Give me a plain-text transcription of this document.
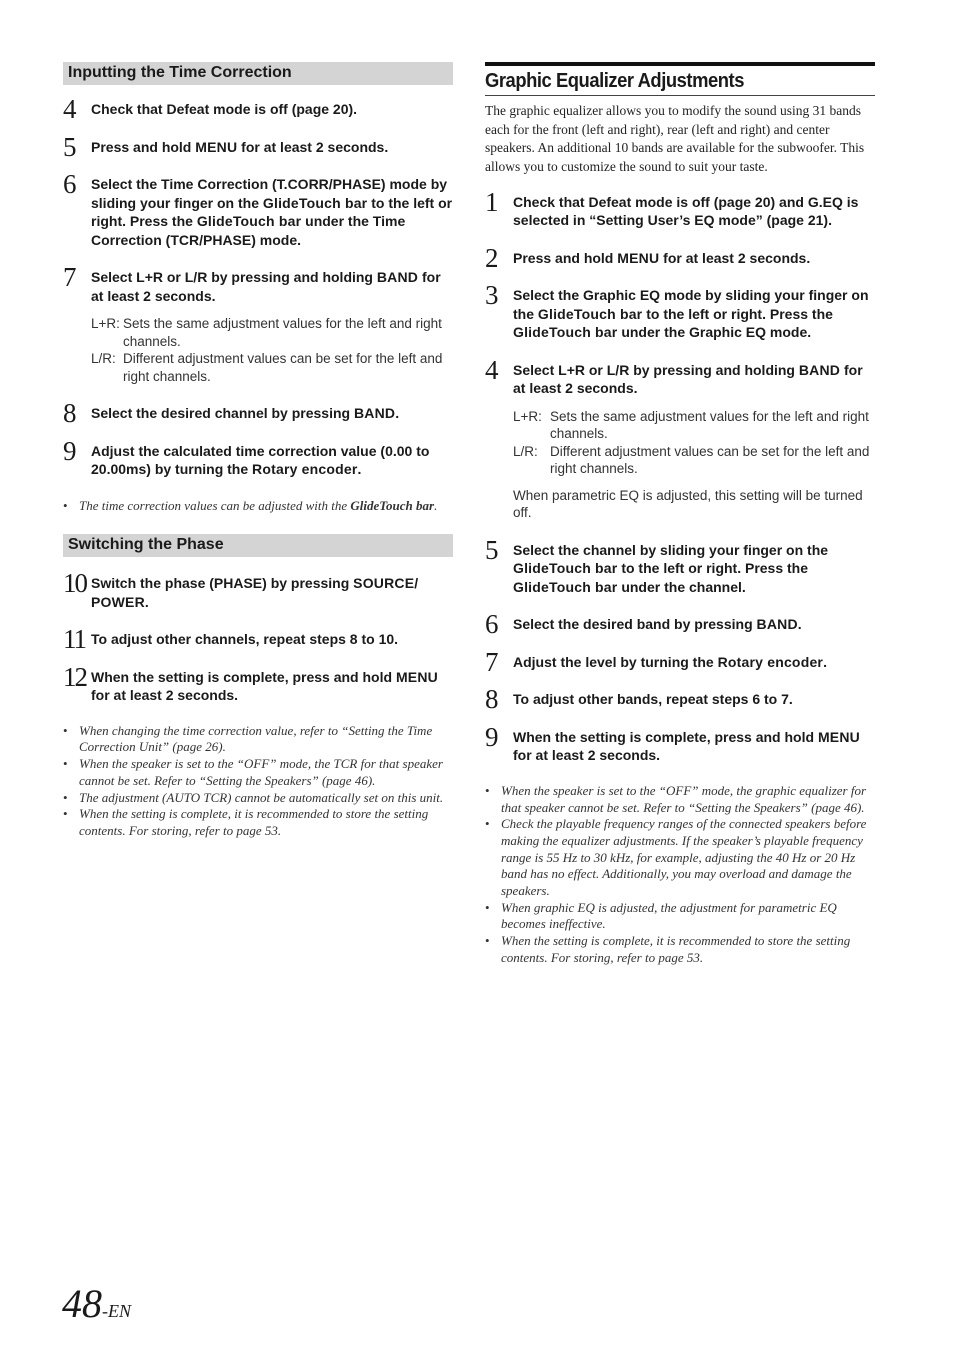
Inputting the Time Correction
4 Check that Defeat mode is off (page 20).
5 Press and hold MENU for at least 2 seconds.
6 Select the Time Correction (T.CORR/PHASE) mode by sliding your finger on the GlideTouch bar to the left or right. Press the GlideTouch bar under the Time Correction (TCR/PHASE) mode.
7 Select L+R or L/R by pressing and holding BAND for at least 2 seconds.
L+R: Sets the same adjustment values for the left and right channels.
L/R: Different adjustment values can be set for the left and right channels.
8 Select the desired channel by pressing BAND.
9 Adjust the calculated time correction value (0.00 to 20.00ms) by turning the Rotary encoder.
• The time correction values can be adjusted with the GlideTouch bar.
Switching the Phase
10 Switch the phase (PHASE) by pressing SOURCE/ POWER.
11 To adjust other channels, repeat steps 8 to 10.
12 When the setting is complete, press and hold MENU for at least 2 seconds.
• When changing the time correction value, refer to “Setting the Time Correction Unit” (page 26).
• When the speaker is set to the “OFF” mode, the TCR for that speaker cannot be set. Refer to “Setting the Speakers” (page 46).
• The adjustment (AUTO TCR) cannot be automatically set on this unit.
• When the setting is complete, it is recommended to store the setting contents. For storing, refer to page 53.
Graphic Equalizer Adjustments
The graphic equalizer allows you to modify the sound using 31 bands each for the front (left and right), rear (left and right) and center speakers. An additional 10 bands are available for the subwoofer. This allows you to customize the sound to suit your taste.
1 Check that Defeat mode is off (page 20) and G.EQ is selected in “Setting User’s EQ mode” (page 21).
2 Press and hold MENU for at least 2 seconds.
3 Select the Graphic EQ mode by sliding your finger on the GlideTouch bar to the left or right. Press the GlideTouch bar under the Graphic EQ mode.
4 Select L+R or L/R by pressing and holding BAND for at least 2 seconds.
L+R: Sets the same adjustment values for the left and right channels.
L/R: Different adjustment values can be set for the left and right channels.
When parametric EQ is adjusted, this setting will be turned off.
5 Select the channel by sliding your finger on the GlideTouch bar to the left or right. Press the GlideTouch bar under the channel.
6 Select the desired band by pressing BAND.
7 Adjust the level by turning the Rotary encoder.
8 To adjust other bands, repeat steps 6 to 7.
9 When the setting is complete, press and hold MENU for at least 2 seconds.
• When the speaker is set to the “OFF” mode, the graphic equalizer for that speaker cannot be set. Refer to “Setting the Speakers” (page 46).
• Check the playable frequency ranges of the connected speakers before making the equalizer adjustments. If the speaker’s playable frequency range is 55 Hz to 30 kHz, for example, adjusting the 40 Hz or 20 Hz band has no effect. Additionally, you may overload and damage the speakers.
• When graphic EQ is adjusted, the adjustment for parametric EQ becomes ineffective.
• When the setting is complete, it is recommended to store the setting contents. For storing, refer to page 53.
48-EN
